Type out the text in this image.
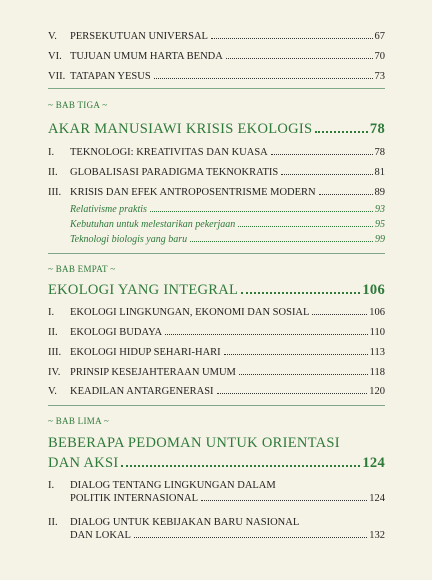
V.	PERSEKUTUAN UNIVERSAL	67
VI. TUJUAN UMUM HARTA BENDA	70
VII. TATAPAN YESUS	73
~ BAB TIGA ~
AKAR MANUSIAWI KRISIS EKOLOGIS	78
I.	TEKNOLOGI: KREATIVITAS DAN KUASA	78
II.	GLOBALISASI PARADIGMA TEKNOKRATIS	81
III. KRISIS DAN EFEK ANTROPOSENTRISME MODERN	89
Relativisme praktis	93
Kebutuhan untuk melestarikan pekerjaan	95
Teknologi biologis yang baru	99
~ BAB EMPAT ~
EKOLOGI YANG INTEGRAL	106
I.	EKOLOGI LINGKUNGAN, EKONOMI DAN SOSIAL	106
II.	EKOLOGI BUDAYA	110
III. EKOLOGI HIDUP SEHARI-HARI	113
IV. PRINSIP KESEJAHTERAAN UMUM	118
V.	KEADILAN ANTARGENERASI	120
~ BAB LIMA ~
BEBERAPA PEDOMAN UNTUK ORIENTASI
DAN AKSI	124
I.	DIALOG TENTANG LINGKUNGAN DALAM
POLITIK INTERNASIONAL	124
II.	DIALOG UNTUK KEBIJAKAN BARU NASIONAL
DAN LOKAL	132
